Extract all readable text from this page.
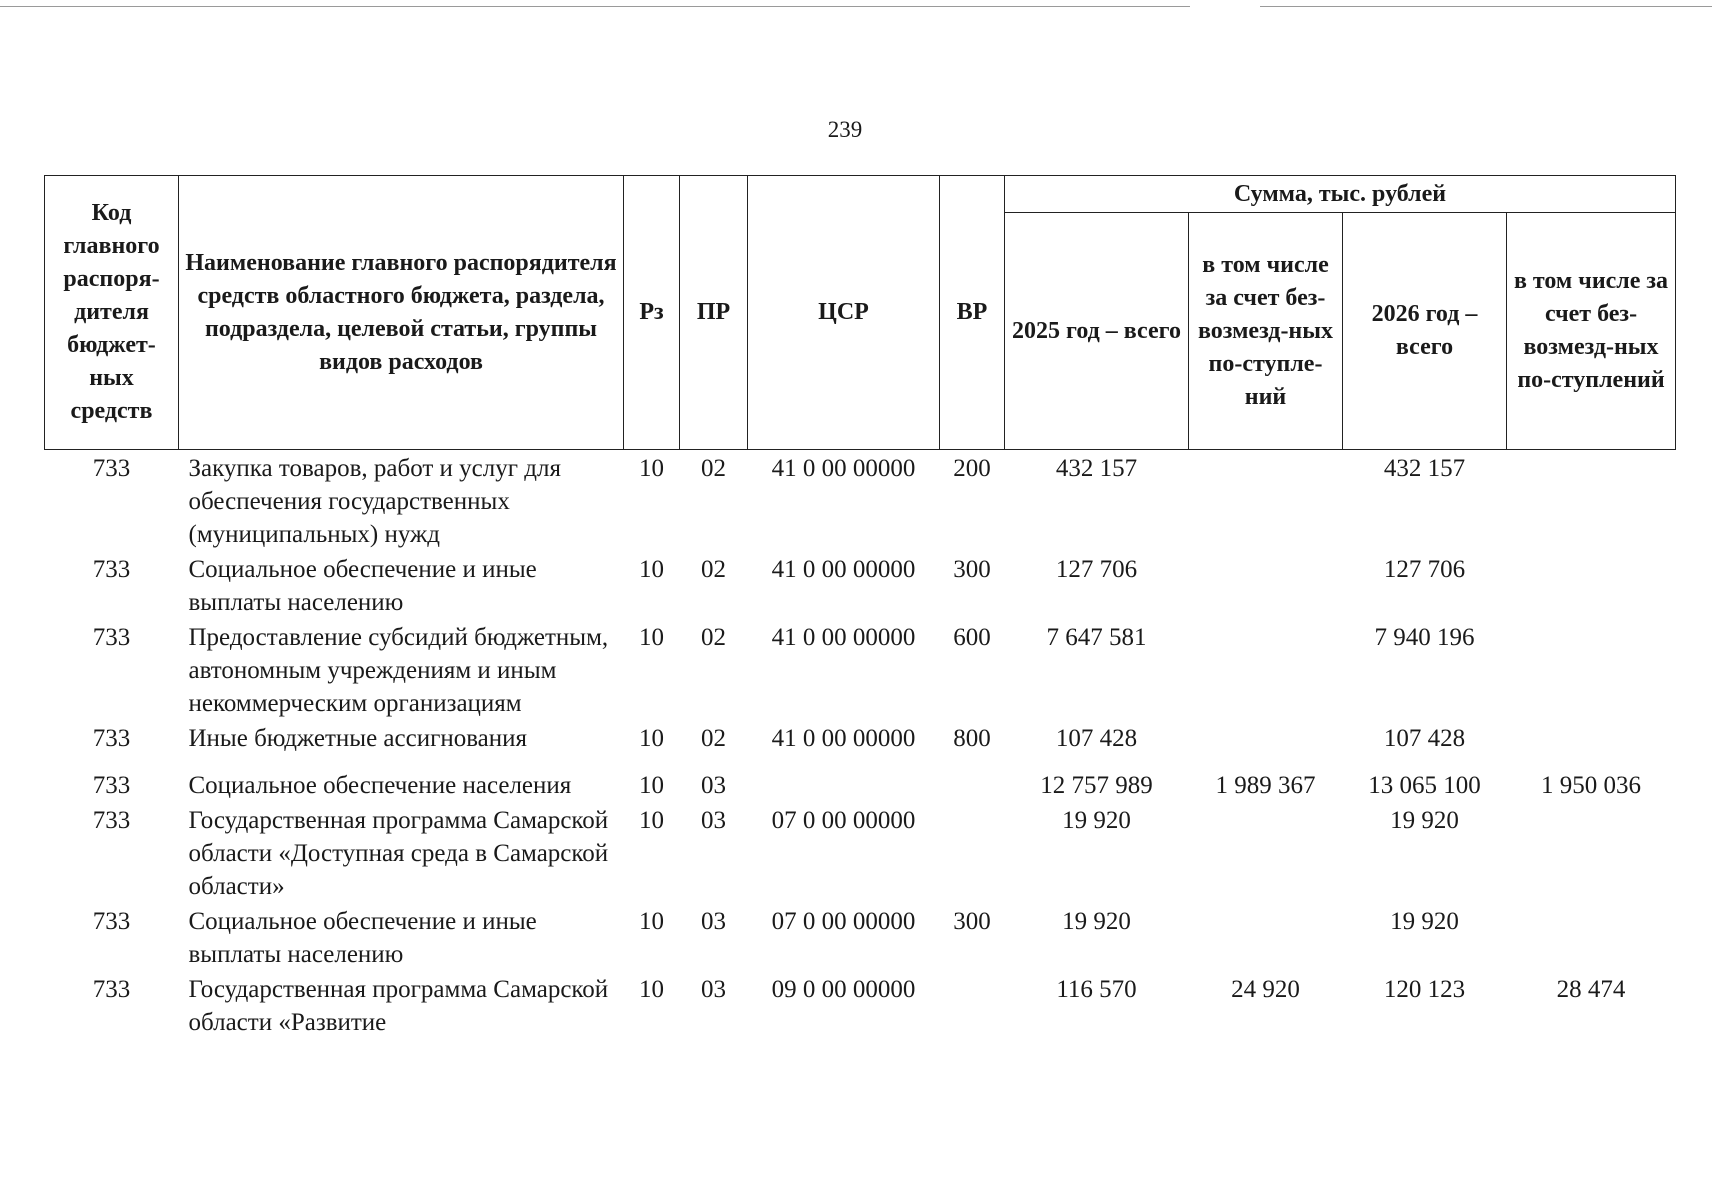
239
Код главного распоря-дителя бюджет-ных средств	Наименование главного распорядителя средств областного бюджета, раздела, подраздела, целевой статьи, группы видов расходов	Рз	ПР	ЦСР	ВР	Сумма, тыс. рублей			
						2025 год – всего	в том числе за счет без-возмезд-ных по-ступле-ний	2026 год – всего	в том числе за счет без-возмезд-ных по-ступлений
733	Закупка товаров, работ и услуг для обеспечения государственных (муниципальных) нужд	10	02	41 0 00 00000	200	432 157		432 157	
733	Социальное обеспечение и иные выплаты населению	10	02	41 0 00 00000	300	127 706		127 706	
733	Предоставление субсидий бюджетным, автономным учреждениям и иным некоммерческим организациям	10	02	41 0 00 00000	600	7 647 581		7 940 196	
733	Иные бюджетные ассигнования	10	02	41 0 00 00000	800	107 428		107 428	
733	Социальное обеспечение населения	10	03			12 757 989	1 989 367	13 065 100	1 950 036
733	Государственная программа Самарской области «Доступная среда в Самарской области»	10	03	07 0 00 00000		19 920		19 920	
733	Социальное обеспечение и иные выплаты населению	10	03	07 0 00 00000	300	19 920		19 920	
733	Государственная программа Самарской области «Развитие	10	03	09 0 00 00000		116 570	24 920	120 123	28 474
